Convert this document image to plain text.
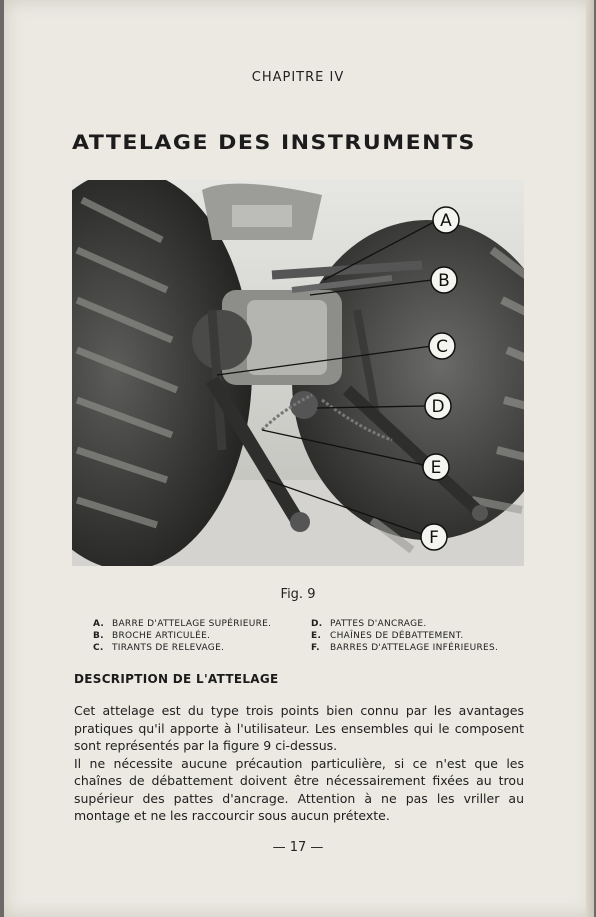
CHAPITRE IV
ATTELAGE DES INSTRUMENTS
A
B
C
D
E
F
Fig. 9
A. BARRE D'ATTELAGE SUPÉRIEURE.
B. BROCHE ARTICULÉE.
C. TIRANTS DE RELEVAGE.
D. PATTES D'ANCRAGE.
E. CHAÎNES DE DÉBATTEMENT.
F. BARRES D'ATTELAGE INFÉRIEURES.
DESCRIPTION DE L'ATTELAGE

Cet attelage est du type trois points bien connu par les avantages pratiques qu'il apporte à l'utilisateur. Les ensembles qui le composent sont représentés par la figure 9 ci-dessus.

Il ne nécessite aucune précaution particulière, si ce n'est que les chaînes de débattement doivent être nécessairement fixées au trou supérieur des pattes d'ancrage. Attention à ne pas les vriller au montage et ne les raccourcir sous aucun prétexte.

— 17 —
